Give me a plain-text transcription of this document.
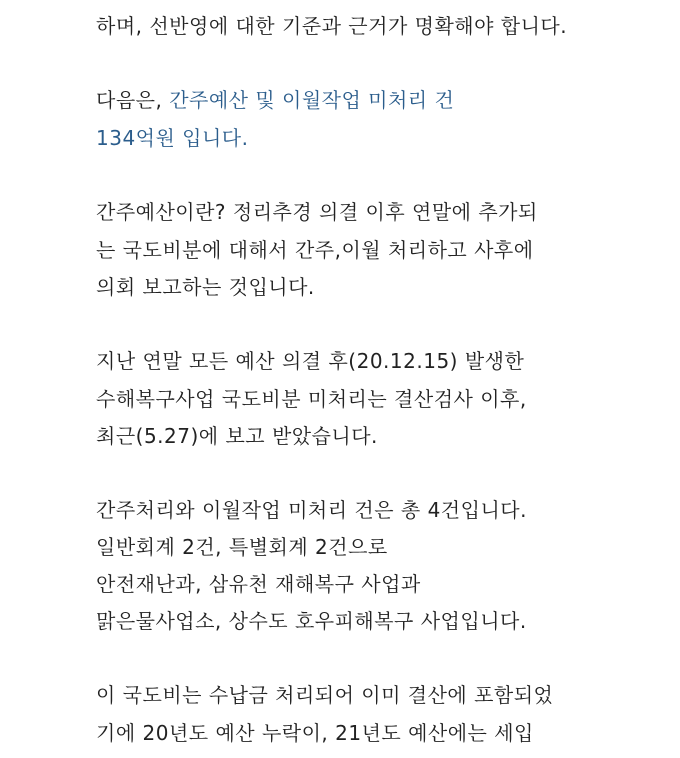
하며, 선반영에 대한 기준과 근거가 명확해야 합니다.
다음은, 간주예산 및 이월작업 미처리 건
134억원 입니다.
간주예산이란? 정리추경 의결 이후 연말에 추가되
는 국도비분에 대해서 간주,이월 처리하고 사후에
의회 보고하는 것입니다.
지난 연말 모든 예산 의결 후(20.12.15) 발생한
수해복구사업 국도비분 미처리는 결산검사 이후,
최근(5.27)에 보고 받았습니다.
간주처리와 이월작업 미처리 건은 총 4건입니다.
일반회계 2건, 특별회계 2건으로
안전재난과, 삼유천 재해복구 사업과
맑은물사업소, 상수도 호우피해복구 사업입니다.
이 국도비는 수납금 처리되어 이미 결산에 포함되었
기에 20년도 예산 누락이, 21년도 예산에는 세입
